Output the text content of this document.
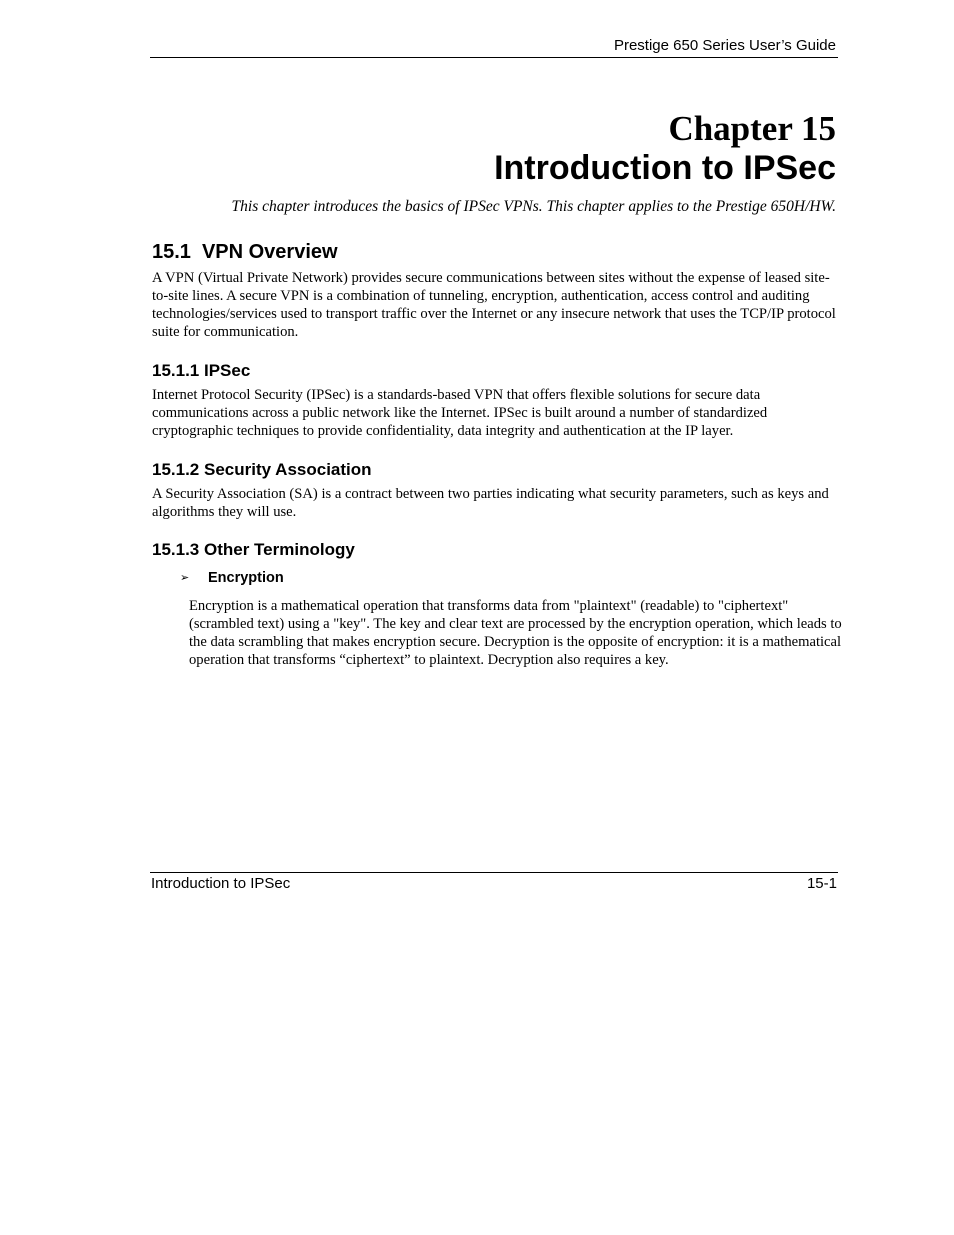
Prestige 650 Series User’s Guide
Chapter 15
Introduction to IPSec
This chapter introduces the basics of IPSec VPNs. This chapter applies to the Prestige 650H/HW.
15.1 VPN Overview
A VPN (Virtual Private Network) provides secure communications between sites without the expense of leased site-to-site lines. A secure VPN is a combination of tunneling, encryption, authentication, access control and auditing technologies/services used to transport traffic over the Internet or any insecure network that uses the TCP/IP protocol suite for communication.
15.1.1 IPSec
Internet Protocol Security (IPSec) is a standards-based VPN that offers flexible solutions for secure data communications across a public network like the Internet. IPSec is built around a number of standardized cryptographic techniques to provide confidentiality, data integrity and authentication at the IP layer.
15.1.2 Security Association
A Security Association (SA) is a contract between two parties indicating what security parameters, such as keys and algorithms they will use.
15.1.3 Other Terminology
➢	Encryption
Encryption is a mathematical operation that transforms data from "plaintext" (readable) to "ciphertext" (scrambled text) using a "key". The key and clear text are processed by the encryption operation, which leads to the data scrambling that makes encryption secure. Decryption is the opposite of encryption: it is a mathematical operation that transforms “ciphertext” to plaintext. Decryption also requires a key.
Introduction to IPSec	15-1
